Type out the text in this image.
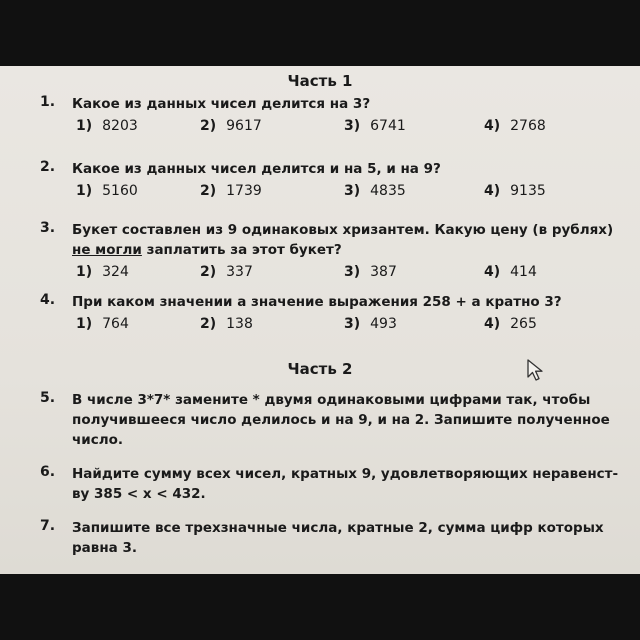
Часть 1
1. Какое из данных чисел делится на 3?
1) 8203	2) 9617	3) 6741	4) 2768
2. Какое из данных чисел делится и на 5, и на 9?
1) 5160	2) 1739	3) 4835	4) 9135
3. Букет составлен из 9 одинаковых хризантем. Какую цену (в рублях)
не могли заплатить за этот букет?
1) 324	2) 337	3) 387	4) 414
4. При каком значении а значение выражения 258 + а кратно 3?
1) 764	2) 138	3) 493	4) 265
Часть 2
5. В числе 3*7* замените * двумя одинаковыми цифрами так, чтобы получившееся число делилось и на 9, и на 2. Запишите полученное число.
6. Найдите сумму всех чисел, кратных 9, удовлетворяющих неравенст-ву 385 < x < 432.
7. Запишите все трехзначные числа, кратные 2, сумма цифр которых равна 3.
